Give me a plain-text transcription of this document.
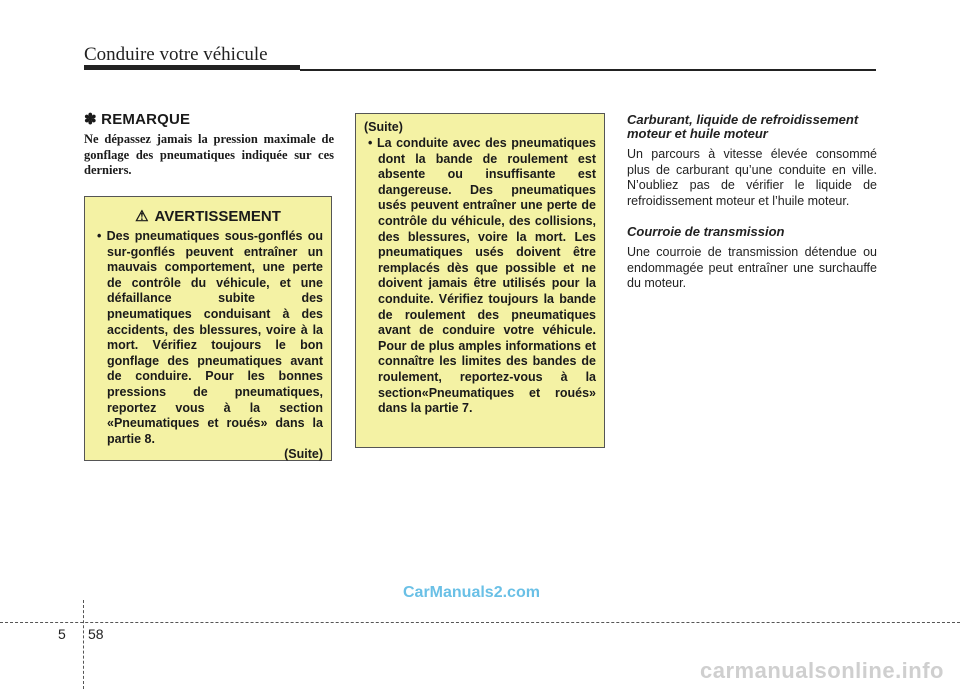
Conduire votre véhicule
✽ REMARQUE

Ne dépassez jamais la pression maximale de gonflage des pneumatiques indiquée sur ces derniers.

⚠ AVERTISSEMENT

• Des pneumatiques sous-gonflés ou sur-gonflés peuvent entraîner un mauvais comportement, une perte de contrôle du véhicule, et une défaillance subite des pneumatiques conduisant à des accidents, des blessures, voire à la mort. Vérifiez toujours le bon gonflage des pneumatiques avant de conduire. Pour les bonnes pressions de pneumatiques, reportez vous à la section «Pneumatiques et roués» dans la partie 8.

(Suite)

(Suite)

• La conduite avec des pneumatiques dont la bande de roulement est absente ou insuffisante est dangereuse. Des pneumatiques usés peuvent entraîner une perte de contrôle du véhicule, des collisions, des blessures, voire la mort. Les pneumatiques usés doivent être remplacés dès que possible et ne doivent jamais être utilisés pour la conduite. Vérifiez toujours la bande de roulement des pneumatiques avant de conduire votre véhicule. Pour de plus amples informations et connaître les limites des bandes de roulement, reportez-vous à la section«Pneumatiques et roués» dans la partie 7.

Carburant, liquide de refroidissement moteur et huile moteur

Un parcours à vitesse élevée consommé plus de carburant qu’une conduite en ville. N’oubliez pas de vérifier le liquide de refroidissement moteur et l’huile moteur.

Courroie de transmission

Une courroie de transmission détendue ou endommagée peut entraîner une surchauffe du moteur.

CarManuals2.com
5 58
carmanualsonline.info
